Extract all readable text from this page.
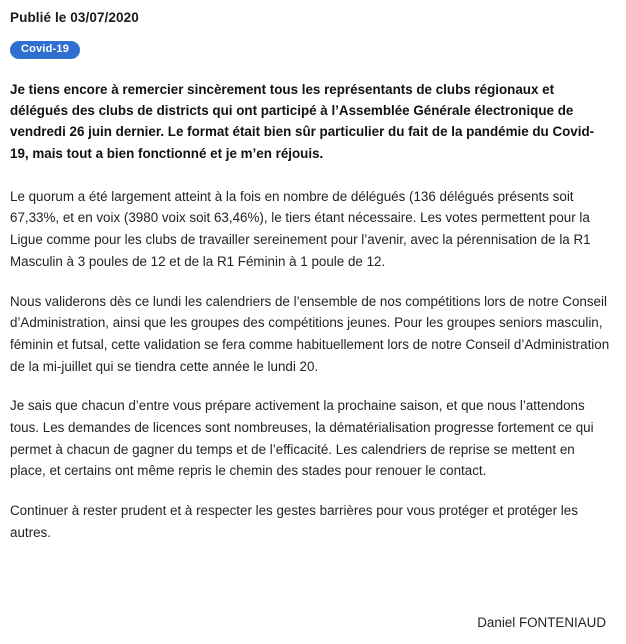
Publié le 03/07/2020
Covid-19

Je tiens encore à remercier sincèrement tous les représentants de clubs régionaux et délégués des clubs de districts qui ont participé à l’Assemblée Générale électronique de vendredi 26 juin dernier. Le format était bien sûr particulier du fait de la pandémie du Covid-19, mais tout a bien fonctionné et je m’en réjouis.

Le quorum a été largement atteint à la fois en nombre de délégués (136 délégués présents soit 67,33%, et en voix (3980 voix soit 63,46%), le tiers étant nécessaire. Les votes permettent pour la Ligue comme pour les clubs de travailler sereinement pour l’avenir, avec la pérennisation de la R1 Masculin à 3 poules de 12 et de la R1 Féminin à 1 poule de 12.

Nous validerons dès ce lundi les calendriers de l’ensemble de nos compétitions lors de notre Conseil d’Administration, ainsi que les groupes des compétitions jeunes. Pour les groupes seniors masculin, féminin et futsal, cette validation se fera comme habituellement lors de notre Conseil d’Administration de la mi-juillet qui se tiendra cette année le lundi 20.

Je sais que chacun d’entre vous prépare activement la prochaine saison, et que nous l’attendons tous. Les demandes de licences sont nombreuses, la dématérialisation progresse fortement ce qui permet à chacun de gagner du temps et de l’efficacité. Les calendriers de reprise se mettent en place, et certains ont même repris le chemin des stades pour renouer le contact.

Continuer à rester prudent et à respecter les gestes barrières pour vous protéger et protéger les autres.

Daniel FONTENIAUD
